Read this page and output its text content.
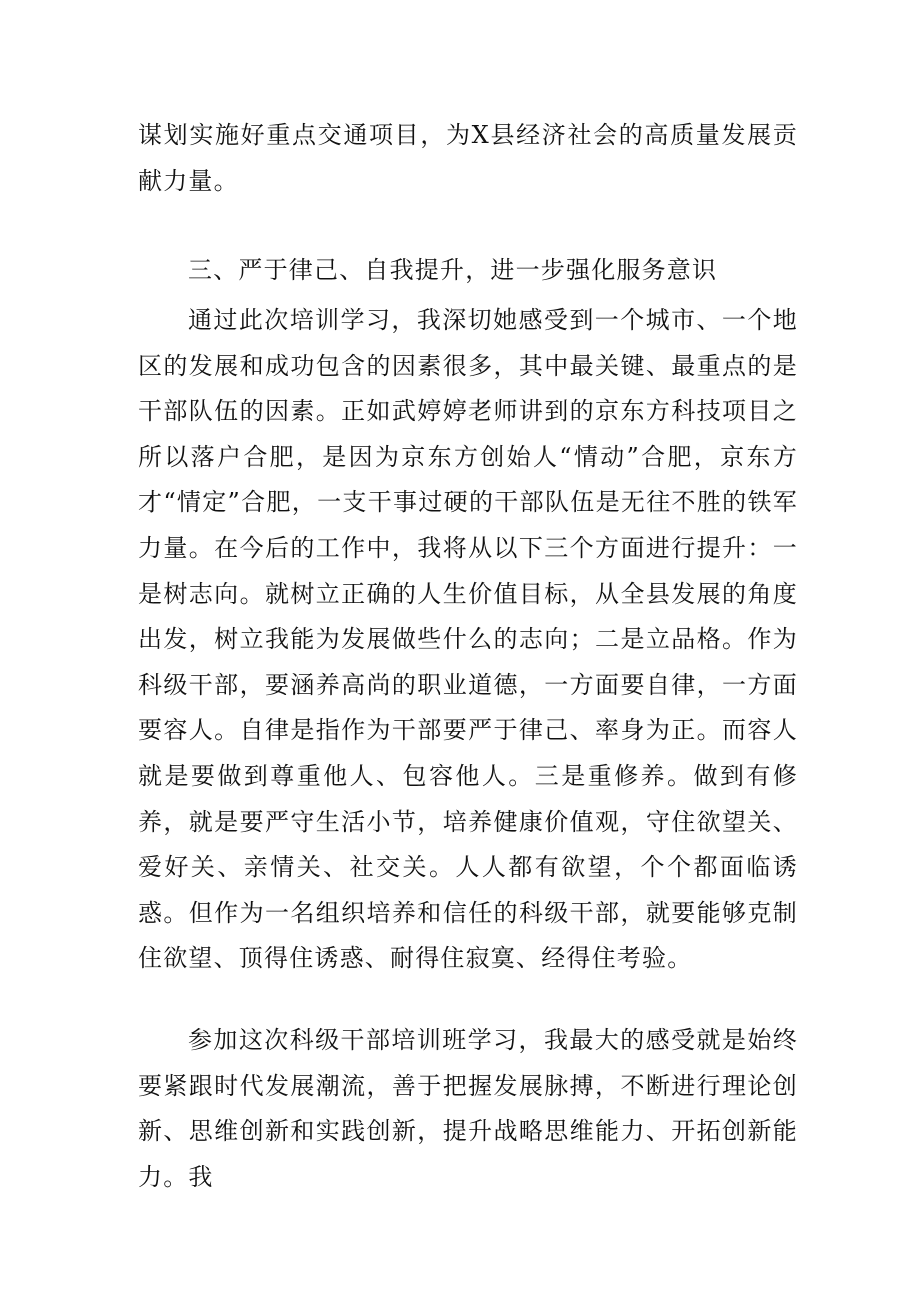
谋划实施好重点交通项目，为X县经济社会的高质量发展贡献力量。

三、严于律己、自我提升，进一步强化服务意识

通过此次培训学习，我深切她感受到一个城市、一个地区的发展和成功包含的因素很多，其中最关键、最重点的是干部队伍的因素。正如武婷婷老师讲到的京东方科技项目之所以落户合肥，是因为京东方创始人“情动”合肥，京东方才“情定”合肥，一支干事过硬的干部队伍是无往不胜的铁军力量。在今后的工作中，我将从以下三个方面进行提升：一是树志向。就树立正确的人生价值目标，从全县发展的角度出发，树立我能为发展做些什么的志向；二是立品格。作为科级干部，要涵养高尚的职业道德，一方面要自律，一方面要容人。自律是指作为干部要严于律己、率身为正。而容人就是要做到尊重他人、包容他人。三是重修养。做到有修养，就是要严守生活小节，培养健康价值观，守住欲望关、爱好关、亲情关、社交关。人人都有欲望，个个都面临诱惑。但作为一名组织培养和信任的科级干部，就要能够克制住欲望、顶得住诱惑、耐得住寂寞、经得住考验。

参加这次科级干部培训班学习，我最大的感受就是始终要紧跟时代发展潮流，善于把握发展脉搏，不断进行理论创新、思维创新和实践创新，提升战略思维能力、开拓创新能力。我
